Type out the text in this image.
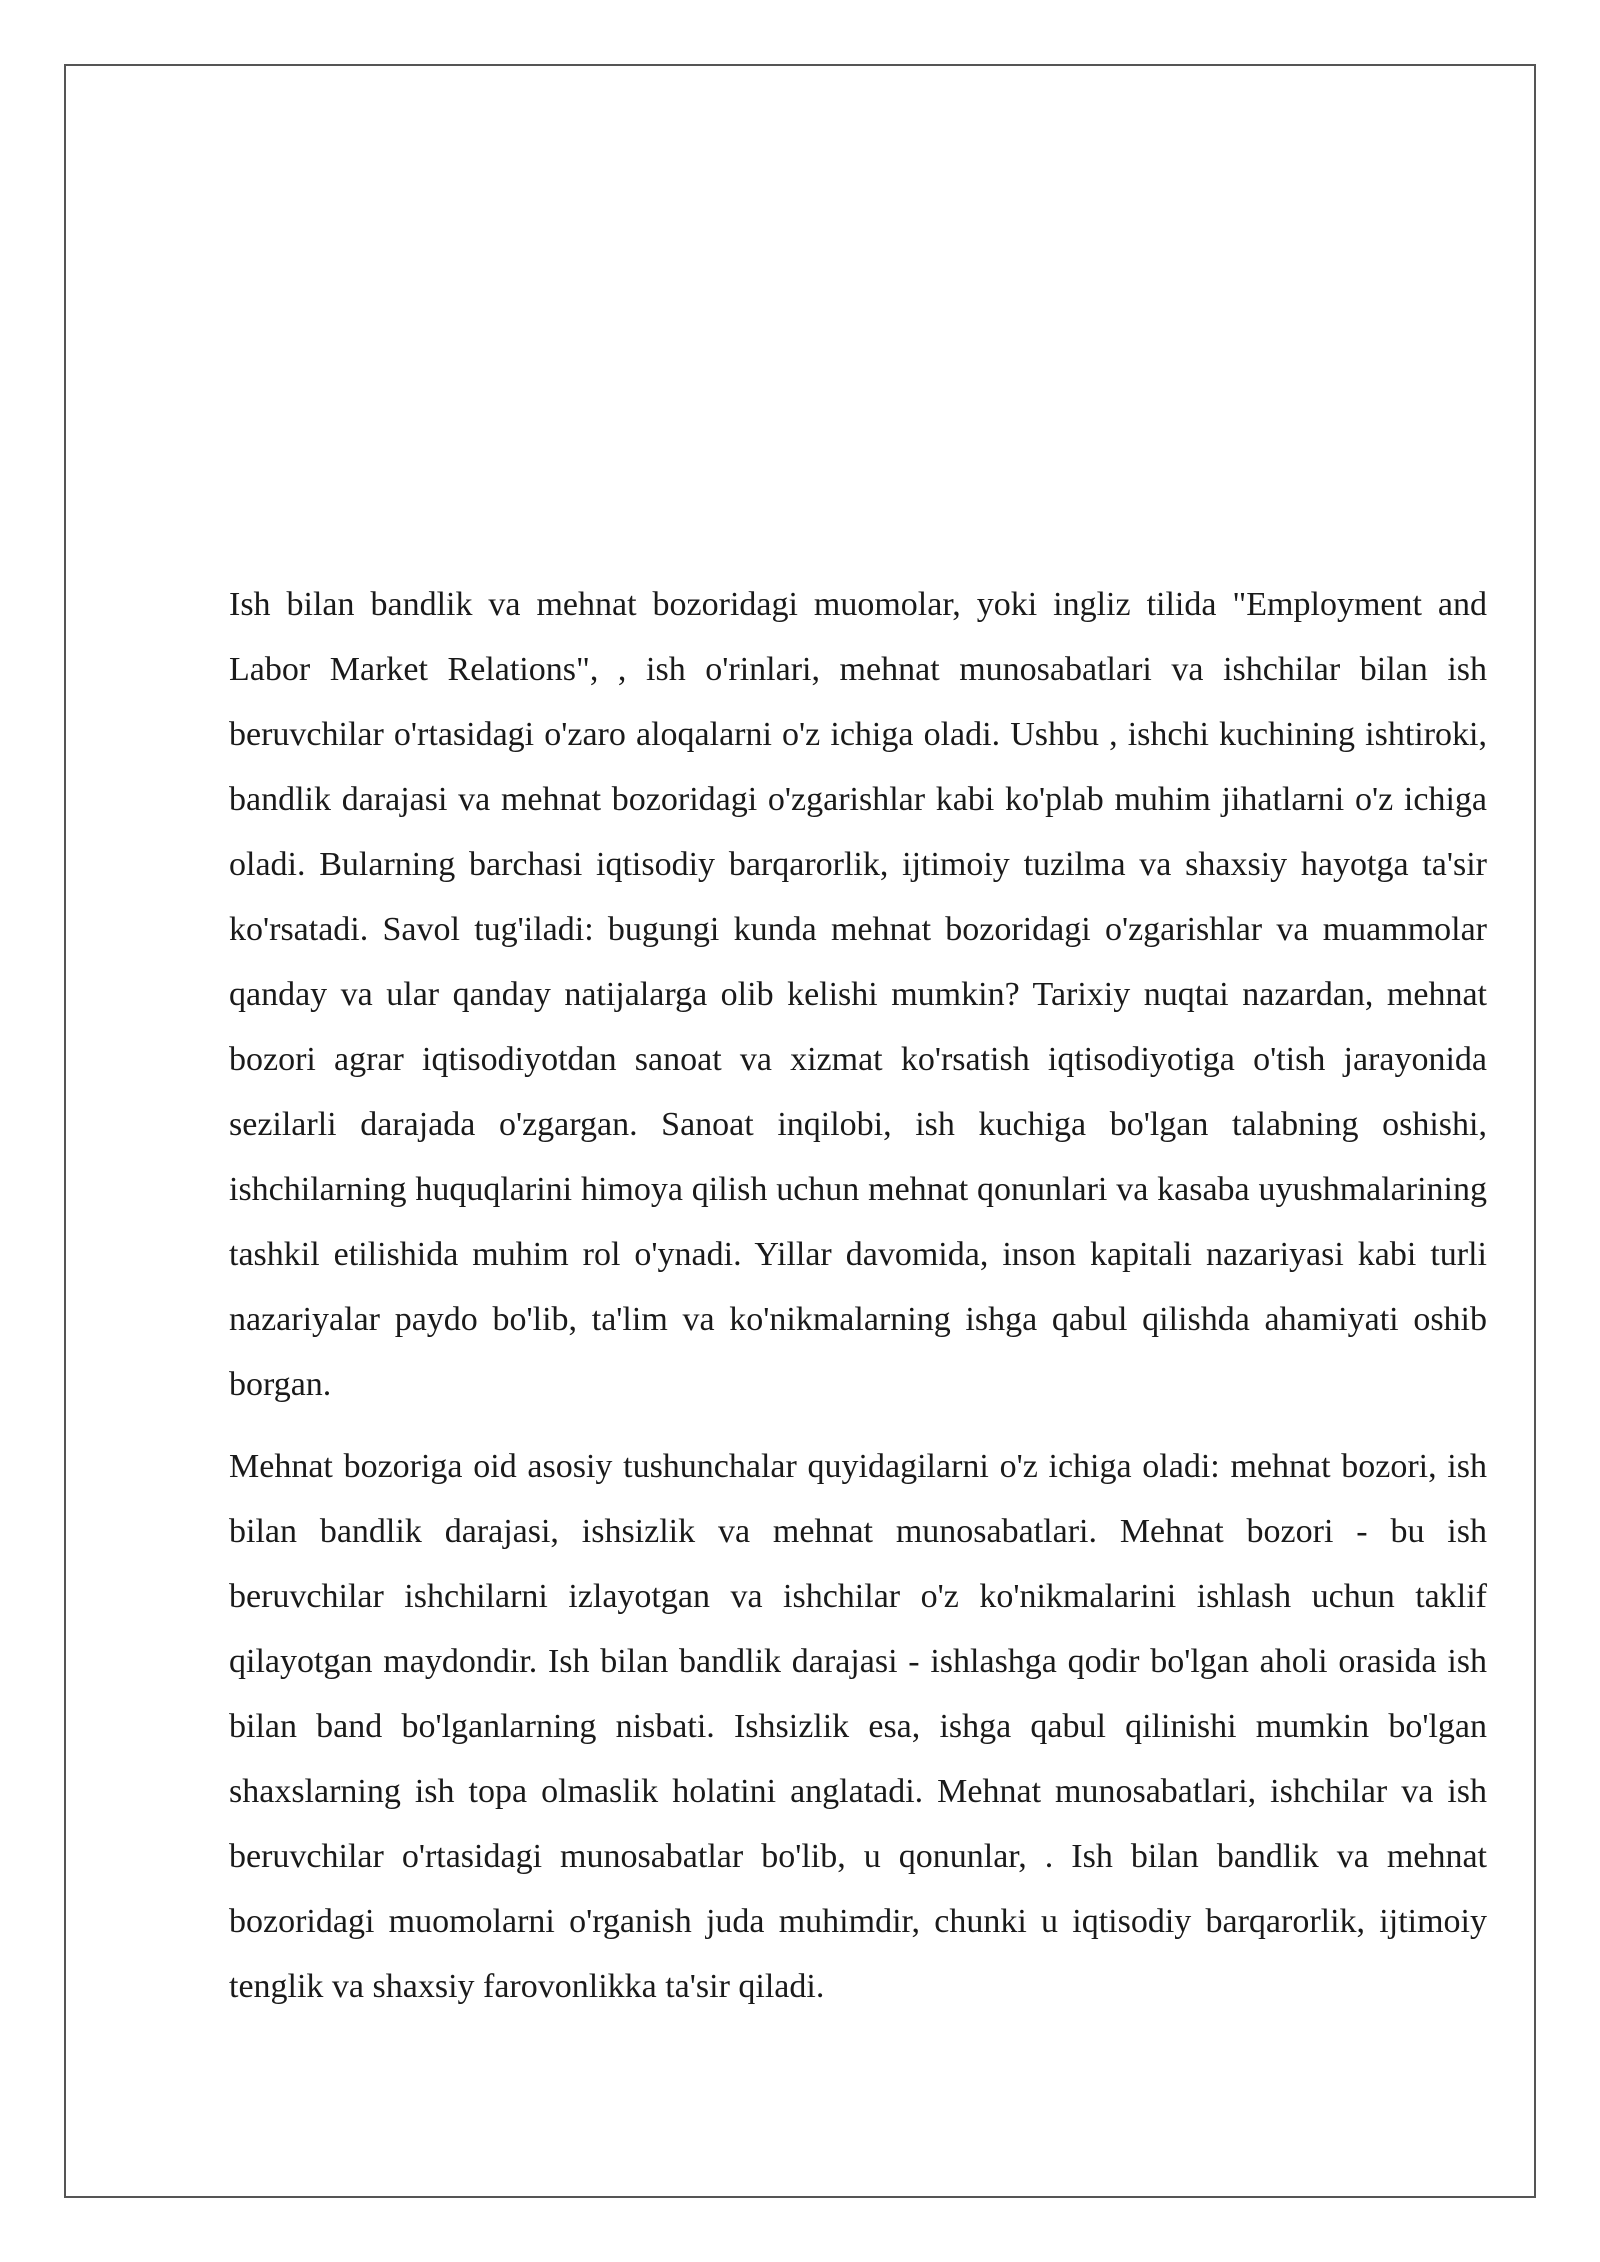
Ish bilan bandlik va mehnat bozoridagi muomolar, yoki ingliz tilida "Employment and Labor Market Relations", , ish o'rinlari, mehnat munosabatlari va ishchilar bilan ish beruvchilar o'rtasidagi o'zaro aloqalarni o'z ichiga oladi. Ushbu , ishchi kuchining ishtiroki, bandlik darajasi va mehnat bozoridagi o'zgarishlar kabi ko'plab muhim jihatlarni o'z ichiga oladi. Bularning barchasi iqtisodiy barqarorlik, ijtimoiy tuzilma va shaxsiy hayotga ta'sir ko'rsatadi. Savol tug'iladi: bugungi kunda mehnat bozoridagi o'zgarishlar va muammolar qanday va ular qanday natijalarga olib kelishi mumkin? Tarixiy nuqtai nazardan, mehnat bozori agrar iqtisodiyotdan sanoat va xizmat ko'rsatish iqtisodiyotiga o'tish jarayonida sezilarli darajada o'zgargan. Sanoat inqilobi, ish kuchiga bo'lgan talabning oshishi, ishchilarning huquqlarini himoya qilish uchun mehnat qonunlari va kasaba uyushmalarining tashkil etilishida muhim rol o'ynadi. Yillar davomida, inson kapitali nazariyasi kabi turli nazariyalar paydo bo'lib, ta'lim va ko'nikmalarning ishga qabul qilishda ahamiyati oshib borgan.

Mehnat bozoriga oid asosiy tushunchalar quyidagilarni o'z ichiga oladi: mehnat bozori, ish bilan bandlik darajasi, ishsizlik va mehnat munosabatlari. Mehnat bozori - bu ish beruvchilar ishchilarni izlayotgan va ishchilar o'z ko'nikmalarini ishlash uchun taklif qilayotgan maydondir. Ish bilan bandlik darajasi - ishlashga qodir bo'lgan aholi orasida ish bilan band bo'lganlarning nisbati. Ishsizlik esa, ishga qabul qilinishi mumkin bo'lgan shaxslarning ish topa olmaslik holatini anglatadi. Mehnat munosabatlari, ishchilar va ish beruvchilar o'rtasidagi munosabatlar bo'lib, u qonunlar, . Ish bilan bandlik va mehnat bozoridagi muomolarni o'rganish juda muhimdir, chunki u iqtisodiy barqarorlik, ijtimoiy tenglik va shaxsiy farovonlikka ta'sir qiladi.
